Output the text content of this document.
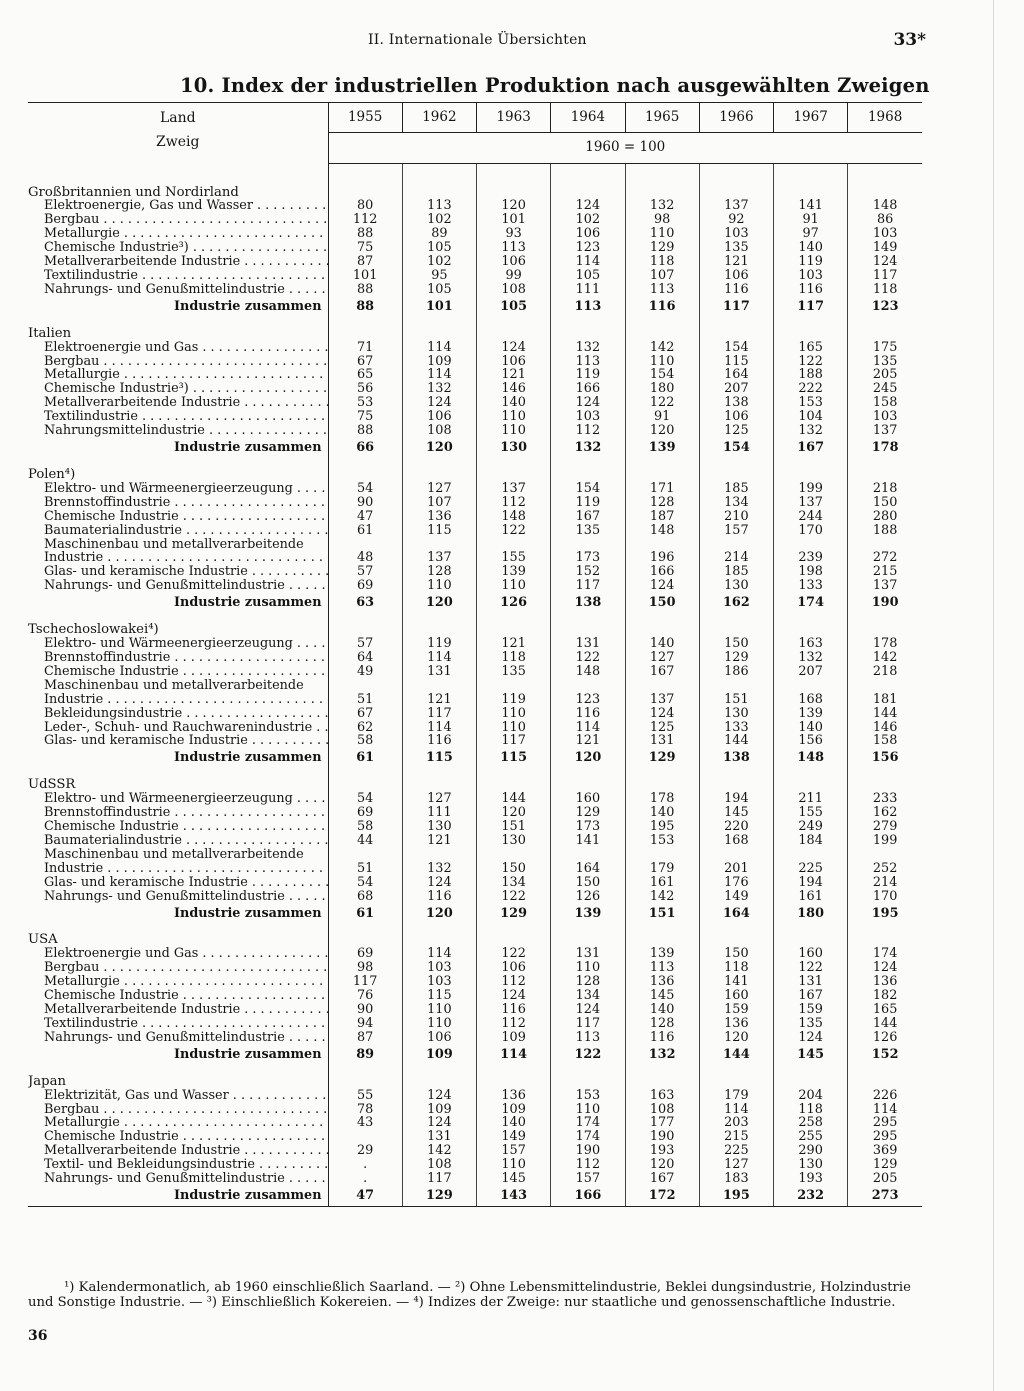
II. Internationale Übersichten	33*
10. Index der industriellen Produktion nach ausgewählten Zweigen
Land
Zweig	1955	1962	1963	1964	1965	1966	1967	1968
	1960 = 100							

Großbritannien und Nordirland								
Elektroenergie, Gas und Wasser . . .	80	113	120	124	132	137	141	148
Bergbau . . .	112	102	101	102	98	92	91	86
Metallurgie . . .	88	89	93	106	110	103	97	103
Chemische Industrie³) . . .	75	105	113	123	129	135	140	149
Metallverarbeitende Industrie . . .	87	102	106	114	118	121	119	124
Textilindustrie . . .	101	95	99	105	107	106	103	117
Nahrungs- und Genußmittelindustrie . . .	88	105	108	111	113	116	116	118
Industrie zusammen	88	101	105	113	116	117	117	123

Italien								
Elektroenergie und Gas . . .	71	114	124	132	142	154	165	175
Bergbau . . .	67	109	106	113	110	115	122	135
Metallurgie . . .	65	114	121	119	154	164	188	205
Chemische Industrie³) . . .	56	132	146	166	180	207	222	245
Metallverarbeitende Industrie . . .	53	124	140	124	122	138	153	158
Textilindustrie . . .	75	106	110	103	91	106	104	103
Nahrungsmittelindustrie . . .	88	108	110	112	120	125	132	137
Industrie zusammen	66	120	130	132	139	154	167	178

Polen⁴)								
Elektro- und Wärmeenergieerzeugung . . .	54	127	137	154	171	185	199	218
Brennstoffindustrie . . .	90	107	112	119	128	134	137	150
Chemische Industrie . . .	47	136	148	167	187	210	244	280
Baumaterialindustrie . . .	61	115	122	135	148	157	170	188
Maschinenbau und metallverarbeitende								
Industrie . . .	48	137	155	173	196	214	239	272
Glas- und keramische Industrie . . .	57	128	139	152	166	185	198	215
Nahrungs- und Genußmittelindustrie . . .	69	110	110	117	124	130	133	137
Industrie zusammen	63	120	126	138	150	162	174	190

Tschechoslowakei⁴)								
Elektro- und Wärmeenergieerzeugung . . .	57	119	121	131	140	150	163	178
Brennstoffindustrie . . .	64	114	118	122	127	129	132	142
Chemische Industrie . . .	49	131	135	148	167	186	207	218
Maschinenbau und metallverarbeitende								
Industrie . . .	51	121	119	123	137	151	168	181
Bekleidungsindustrie . . .	67	117	110	116	124	130	139	144
Leder-, Schuh- und Rauchwarenindustrie . . .	62	114	110	114	125	133	140	146
Glas- und keramische Industrie . . .	58	116	117	121	131	144	156	158
Industrie zusammen	61	115	115	120	129	138	148	156

UdSSR								
Elektro- und Wärmeenergieerzeugung . . .	54	127	144	160	178	194	211	233
Brennstoffindustrie . . .	69	111	120	129	140	145	155	162
Chemische Industrie . . .	58	130	151	173	195	220	249	279
Baumaterialindustrie . . .	44	121	130	141	153	168	184	199
Maschinenbau und metallverarbeitende								
Industrie . . .	51	132	150	164	179	201	225	252
Glas- und keramische Industrie . . .	54	124	134	150	161	176	194	214
Nahrungs- und Genußmittelindustrie . . .	68	116	122	126	142	149	161	170
Industrie zusammen	61	120	129	139	151	164	180	195

USA								
Elektroenergie und Gas . . .	69	114	122	131	139	150	160	174
Bergbau . . .	98	103	106	110	113	118	122	124
Metallurgie . . .	117	103	112	128	136	141	131	136
Chemische Industrie . . .	76	115	124	134	145	160	167	182
Metallverarbeitende Industrie . . .	90	110	116	124	140	159	159	165
Textilindustrie . . .	94	110	112	117	128	136	135	144
Nahrungs- und Genußmittelindustrie . . .	87	106	109	113	116	120	124	126
Industrie zusammen	89	109	114	122	132	144	145	152

Japan								
Elektrizität, Gas und Wasser . . .	55	124	136	153	163	179	204	226
Bergbau . . .	78	109	109	110	108	114	118	114
Metallurgie . . .	43	124	140	174	177	203	258	295
Chemische Industrie . . .		131	149	174	190	215	255	295
Metallverarbeitende Industrie . . .	29	142	157	190	193	225	290	369
Textil- und Bekleidungsindustrie . . .	.	108	110	112	120	127	130	129
Nahrungs- und Genußmittelindustrie . . .	.	117	145	157	167	183	193	205
Industrie zusammen	47	129	143	166	172	195	232	273
¹) Kalendermonatlich, ab 1960 einschließlich Saarland. — ²) Ohne Lebensmittelindustrie, Beklei dungsindustrie, Holzindustrie
und Sonstige Industrie. — ³) Einschließlich Kokereien. — ⁴) Indizes der Zweige: nur staatliche und genossenschaftliche Industrie.
36
